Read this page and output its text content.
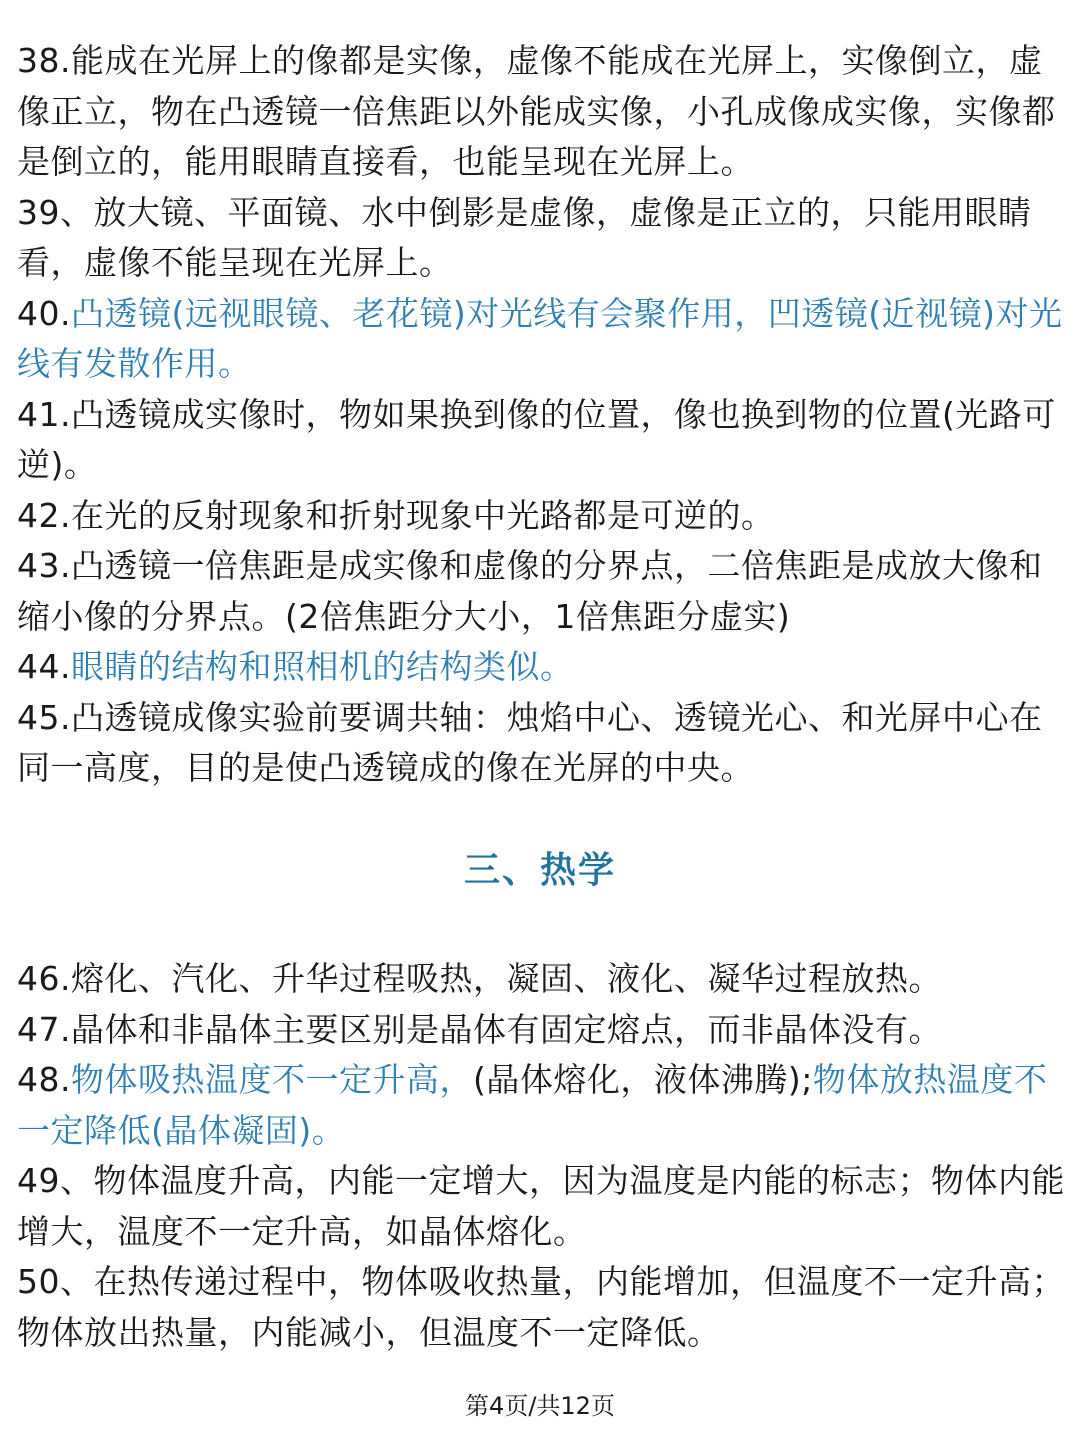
38.能成在光屏上的像都是实像，虚像不能成在光屏上，实像倒立，虚像正立，物在凸透镜一倍焦距以外能成实像，小孔成像成实像，实像都是倒立的，能用眼睛直接看，也能呈现在光屏上。

39、放大镜、平面镜、水中倒影是虚像，虚像是正立的，只能用眼睛看，虚像不能呈现在光屏上。

40.凸透镜(远视眼镜、老花镜)对光线有会聚作用，凹透镜(近视镜)对光线有发散作用。

41.凸透镜成实像时，物如果换到像的位置，像也换到物的位置(光路可逆)。

42.在光的反射现象和折射现象中光路都是可逆的。

43.凸透镜一倍焦距是成实像和虚像的分界点，二倍焦距是成放大像和缩小像的分界点。(2倍焦距分大小，1倍焦距分虚实)

44.眼睛的结构和照相机的结构类似。

45.凸透镜成像实验前要调共轴：烛焰中心、透镜光心、和光屏中心在同一高度，目的是使凸透镜成的像在光屏的中央。

三、热学

46.熔化、汽化、升华过程吸热，凝固、液化、凝华过程放热。

47.晶体和非晶体主要区别是晶体有固定熔点，而非晶体没有。

48.物体吸热温度不一定升高，(晶体熔化，液体沸腾);物体放热温度不一定降低(晶体凝固)。

49、物体温度升高，内能一定增大，因为温度是内能的标志；物体内能增大，温度不一定升高，如晶体熔化。

50、在热传递过程中，物体吸收热量，内能增加，但温度不一定升高；物体放出热量，内能减小，但温度不一定降低。

第4页/共12页
